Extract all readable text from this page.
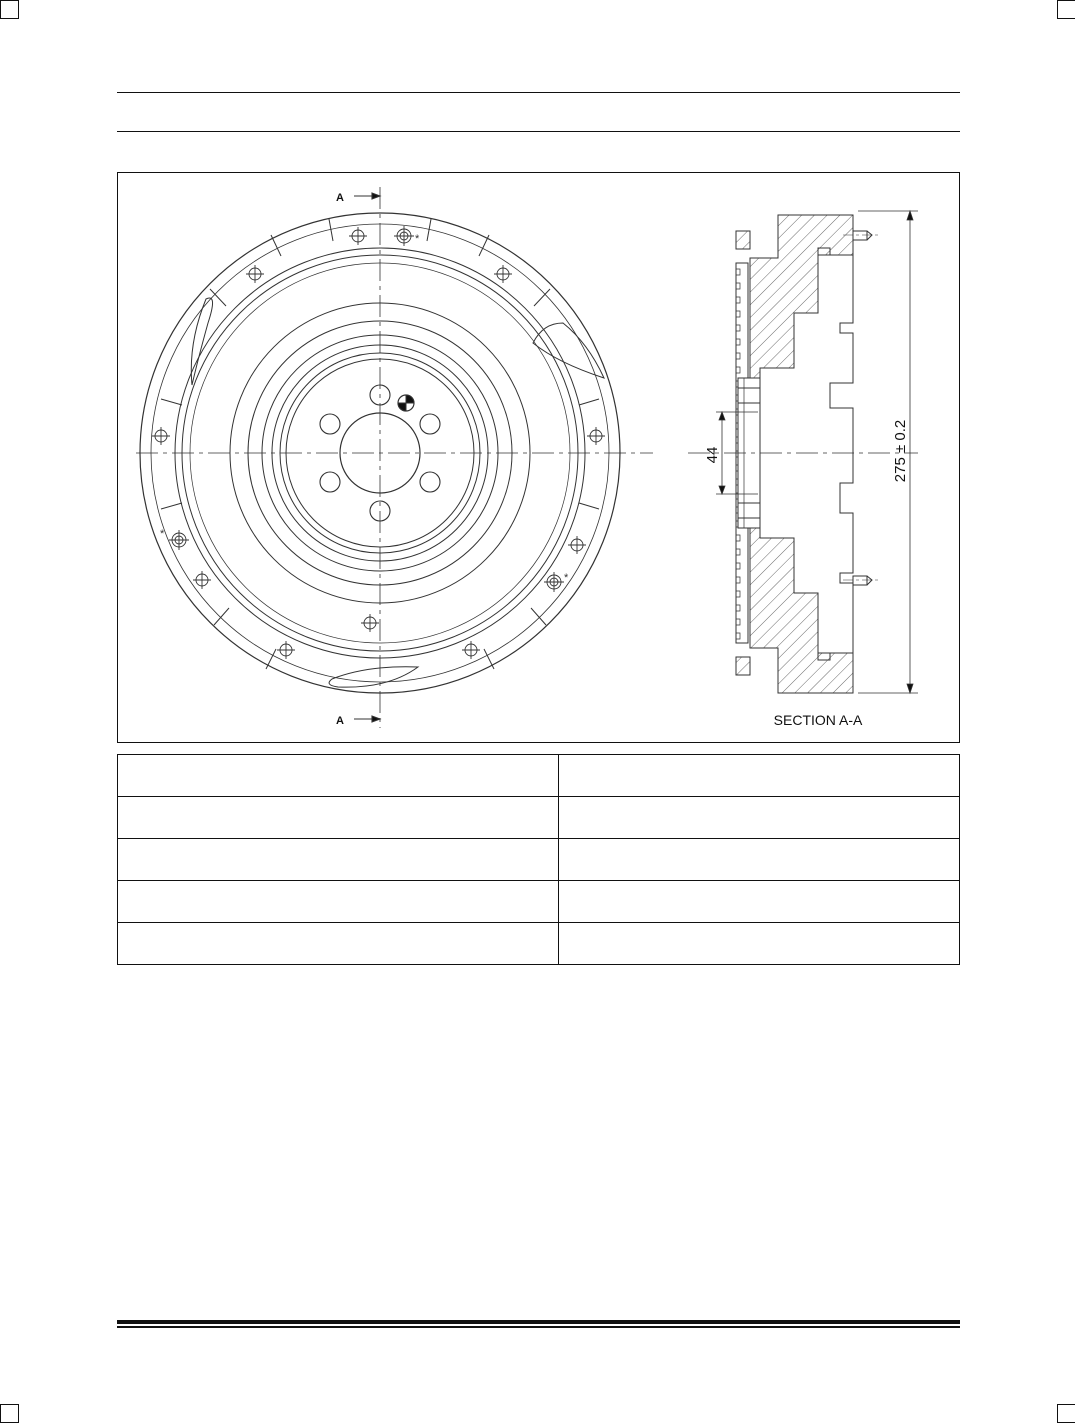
A
A
*
*
*
44	275 ± 0.2
SECTION A-A
